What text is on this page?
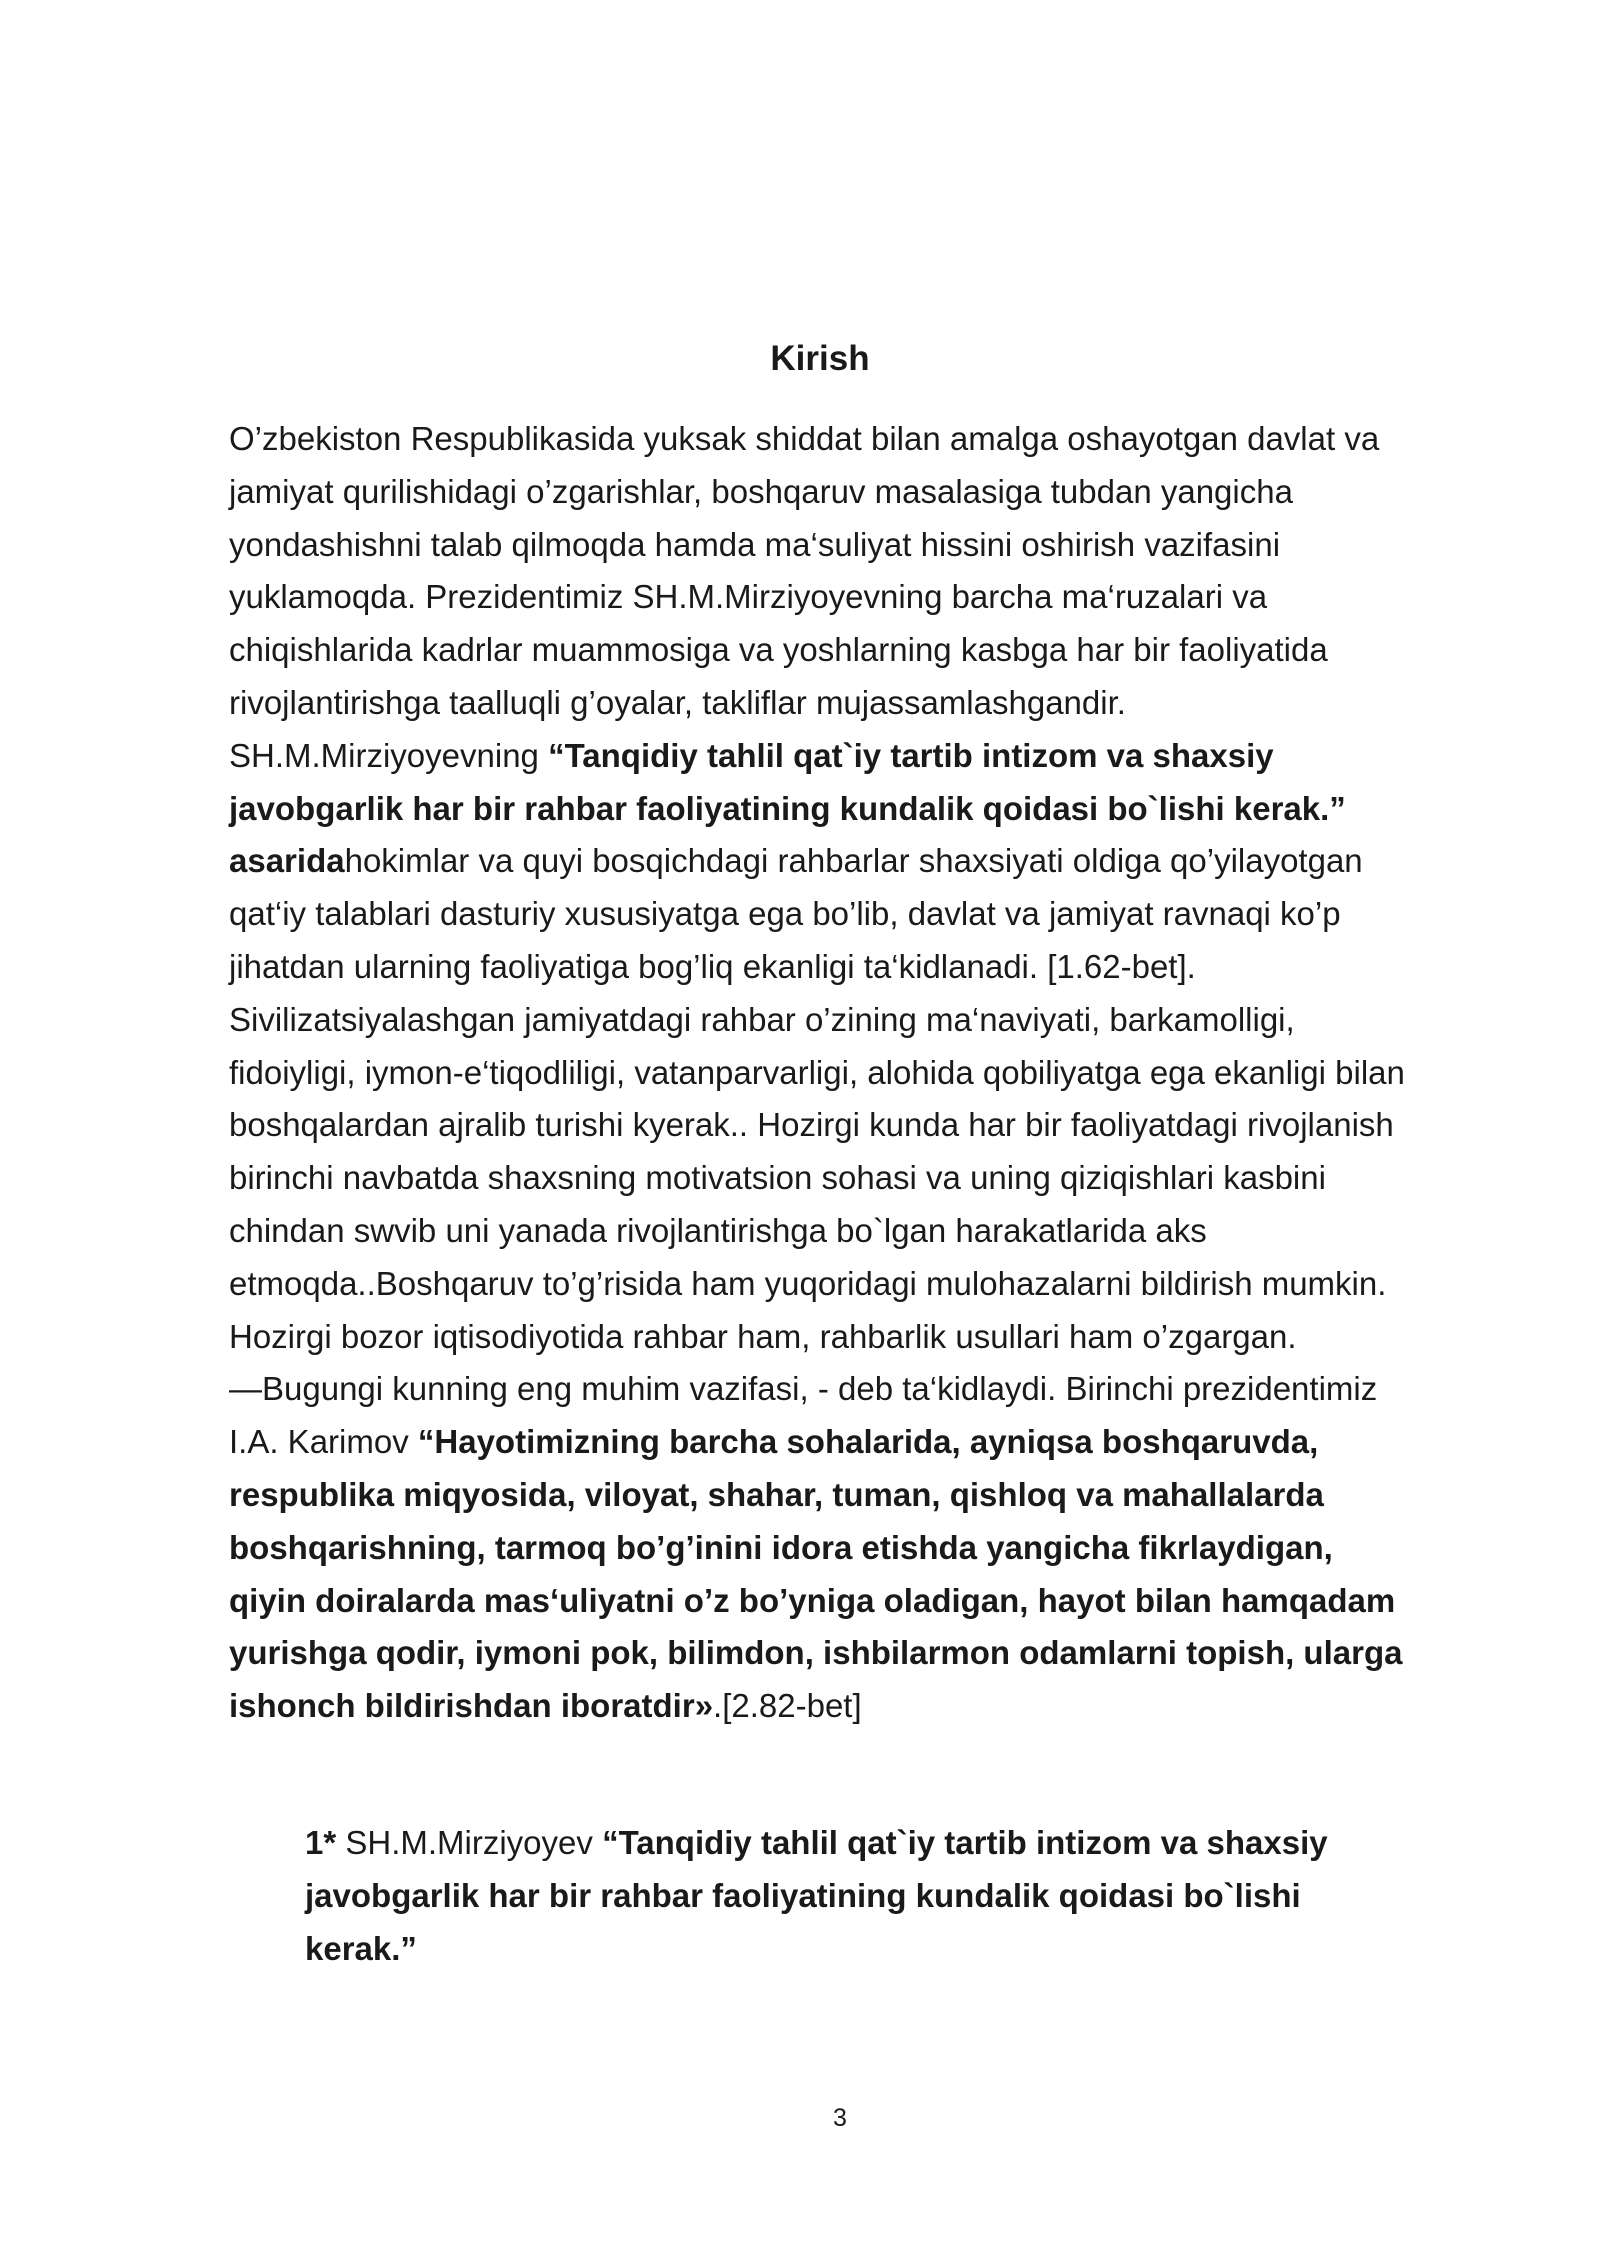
Kirish

O’zbekiston Respublikasida yuksak shiddat bilan amalga oshayotgan davlat va jamiyat qurilishidagi o’zgarishlar, boshqaruv masalasiga tubdan yangicha yondashishni talab qilmoqda hamda ma‘suliyat hissini oshirish vazifasini yuklamoqda. Prezidentimiz SH.M.Mirziyoyevning barcha ma‘ruzalari va chiqishlarida kadrlar muammosiga va yoshlarning kasbga har bir faoliyatida rivojlantirishga taalluqli g’oyalar, takliflar mujassamlashgandir. SH.M.Mirziyoyevning “Tanqidiy tahlil qat`iy tartib intizom va shaxsiy javobgarlik har bir rahbar faoliyatining kundalik qoidasi bo`lishi kerak.” asaridahokimlar va quyi bosqichdagi rahbarlar shaxsiyati oldiga qo’yilayotgan qat‘iy talablari dasturiy xususiyatga ega bo’lib, davlat va jamiyat ravnaqi ko’p jihatdan ularning faoliyatiga bog’liq ekanligi ta‘kidlanadi. [1.62-bet]. Sivilizatsiyalashgan jamiyatdagi rahbar o’zining ma‘naviyati, barkamolligi, fidoiyligi, iymon-e‘tiqodliligi, vatanparvarligi, alohida qobiliyatga ega ekanligi bilan boshqalardan ajralib turishi kyerak.. Hozirgi kunda har bir faoliyatdagi rivojlanish birinchi navbatda shaxsning motivatsion sohasi va uning qiziqishlari kasbini chindan swvib uni yanada rivojlantirishga bo`lgan harakatlarida aks etmoqda..Boshqaruv to’g’risida ham yuqoridagi mulohazalarni bildirish mumkin. Hozirgi bozor iqtisodiyotida rahbar ham, rahbarlik usullari ham o’zgargan. ―Bugungi kunning eng muhim vazifasi, - deb ta‘kidlaydi. Birinchi prezidentimiz I.A. Karimov “Hayotimizning barcha sohalarida, ayniqsa boshqaruvda, respublika miqyosida, viloyat, shahar, tuman, qishloq va mahallalarda boshqarishning, tarmoq bo’g’inini idora etishda yangicha fikrlaydigan, qiyin doiralarda mas‘uliyatni o’z bo’yniga oladigan, hayot bilan hamqadam yurishga qodir, iymoni pok, bilimdon, ishbilarmon odamlarni topish, ularga ishonch bildirishdan iboratdir».[2.82-bet]

1* SH.M.Mirziyoyev “Tanqidiy tahlil qat`iy tartib intizom va shaxsiy javobgarlik har bir rahbar faoliyatining kundalik qoidasi bo`lishi kerak.”

3
